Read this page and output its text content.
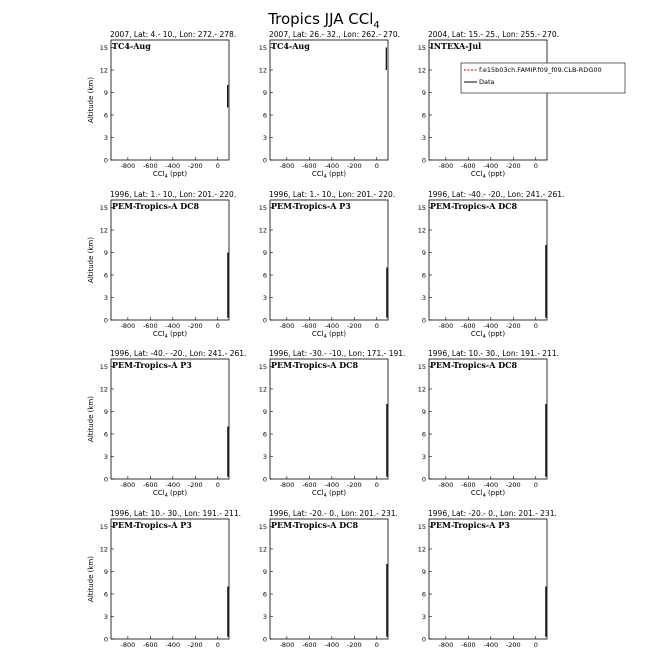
Tropics JJA CCl$_4$
2007, Lat: 4.- 10., Lon: 272.- 278.
-800 -600 -400 -200 0
0
3
6
9
12
15
CCl$_4$ (ppt)
Altitude (km)
TC4-Aug
2007, Lat: 26.- 32., Lon: 262.- 270.
-800 -600 -400 -200 0
0
3
6
9
12
15
CCl$_4$ (ppt)
TC4-Aug
2004, Lat: 15.- 25., Lon: 255.- 270.
-800 -600 -400 -200 0
0
3
6
9
12
15
CCl$_4$ (ppt)
INTEXA-Jul
f.e15b03ch.FAMIP.f09_f09.CLB-RDG00
Data
1996, Lat: 1.- 10., Lon: 201.- 220.
-800 -600 -400 -200 0
0
3
6
9
12
15
CCl$_4$ (ppt)
Altitude (km)
PEM-Tropics-A DC8
1996, Lat: 1.- 10., Lon: 201.- 220.
-800 -600 -400 -200 0
0
3
6
9
12
15
CCl$_4$ (ppt)
PEM-Tropics-A P3
1996, Lat: -40.- -20., Lon: 241.- 261.
-800 -600 -400 -200 0
0
3
6
9
12
15
CCl$_4$ (ppt)
PEM-Tropics-A DC8
1996, Lat: -40.- -20., Lon: 241.- 261.
-800 -600 -400 -200 0
0
3
6
9
12
15
CCl$_4$ (ppt)
Altitude (km)
PEM-Tropics-A P3
1996, Lat: -30.- -10., Lon: 171.- 191.
-800 -600 -400 -200 0
0
3
6
9
12
15
CCl$_4$ (ppt)
PEM-Tropics-A DC8
1996, Lat: 10.- 30., Lon: 191.- 211.
-800 -600 -400 -200 0
0
3
6
9
12
15
CCl$_4$ (ppt)
PEM-Tropics-A DC8
1996, Lat: 10.- 30., Lon: 191.- 211.
-800 -600 -400 -200 0
0
3
6
9
12
15
Altitude (km)
PEM-Tropics-A P3
1996, Lat: -20.- 0., Lon: 201.- 231.
-800 -600 -400 -200 0
0
3
6
9
12
15 PEM-Tropics-A DC8
1996, Lat: -20.- 0., Lon: 201.- 231.
-800 -600 -400 -200 0
0
3
6
9
12
15 PEM-Tropics-A P3
